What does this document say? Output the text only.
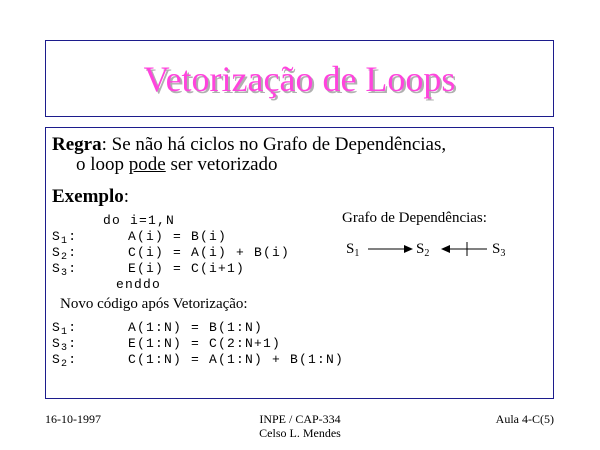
Vetorização de Loops
Regra: Se não há ciclos no Grafo de Dependências,
o loop pode ser vetorizado
Exemplo:
do i=1,N
$S_1$:	A(i) = B(i)
$S_2$:	C(i) = A(i) + B(i)
$S_3$:	E(i) = C(i+1)
enddo
Grafo de Dependências:
$S_1$	$S_2$	$S_3$
Novo código após Vetorização:
$S_1$:	A(1:N) = B(1:N)
$S_3$:	E(1:N) = C(2:N+1)
$S_2$:	C(1:N) = A(1:N) + B(1:N)
16-10-1997	INPE / CAP-334
Celso L. Mendes
Aula 4-C(5)
